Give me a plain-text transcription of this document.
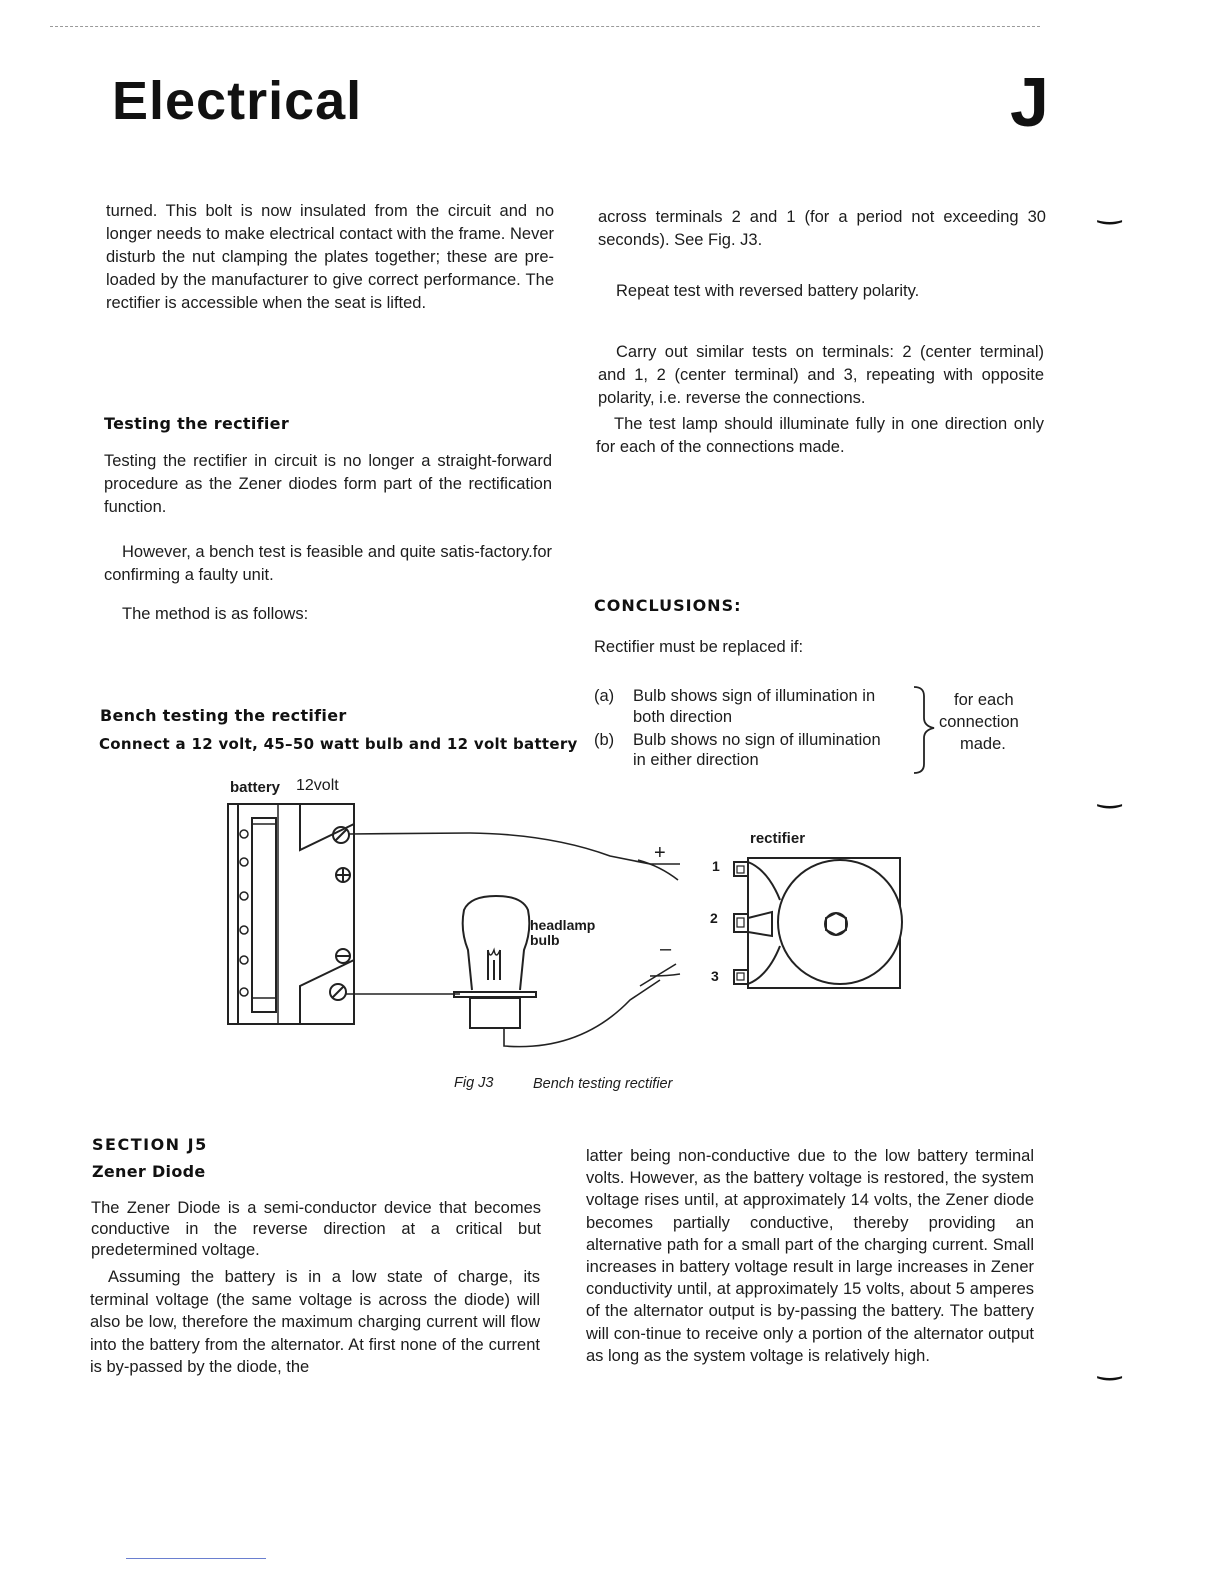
Electrical	J
turned. This bolt is now insulated from the circuit and no longer needs to make electrical contact with the frame. Never disturb the nut clamping the plates together; these are pre-loaded by the manufacturer to give correct performance. The rectifier is accessible when the seat is lifted.
Testing the rectifier
Testing the rectifier in circuit is no longer a straight-forward procedure as the Zener diodes form part of the rectification function.
However, a bench test is feasible and quite satis-factory.for confirming a faulty unit.
The method is as follows:
Bench testing the rectifier
Connect a 12 volt, 45–50 watt bulb and 12 volt battery
across terminals 2 and 1 (for a period not exceeding 30 seconds). See Fig. J3.
Repeat test with reversed battery polarity.
Carry out similar tests on terminals: 2 (center terminal) and 1, 2 (center terminal) and 3, repeating with opposite polarity, i.e. reverse the connections.
The test lamp should illuminate fully in one direction only for each of the connections made.
CONCLUSIONS:
Rectifier must be replaced if:
(a) Bulb shows sign of illumination in
both direction
(b) Bulb shows no sign of illumination
in either direction
for each
connection
made.
battery 12volt
+
–
headlamp
bulb
rectifier
1
2
3
Fig J3	Bench testing rectifier
SECTION J5
Zener Diode
The Zener Diode is a semi-conductor device that becomes conductive in the reverse direction at a critical but predetermined voltage.
Assuming the battery is in a low state of charge, its terminal voltage (the same voltage is across the diode) will also be low, therefore the maximum charging current will flow into the battery from the alternator. At first none of the current is by-passed by the diode, the
latter being non-conductive due to the low battery terminal volts. However, as the battery voltage is restored, the system voltage rises until, at approximately 14 volts, the Zener diode becomes partially conductive, thereby providing an alternative path for a small part of the charging current. Small increases in battery voltage result in large increases in Zener conductivity until, at approximately 15 volts, about 5 amperes of the alternator output is by-passing the battery. The battery will con-tinue to receive only a portion of the alternator output as long as the system voltage is relatively high.
‿
‿
‿
